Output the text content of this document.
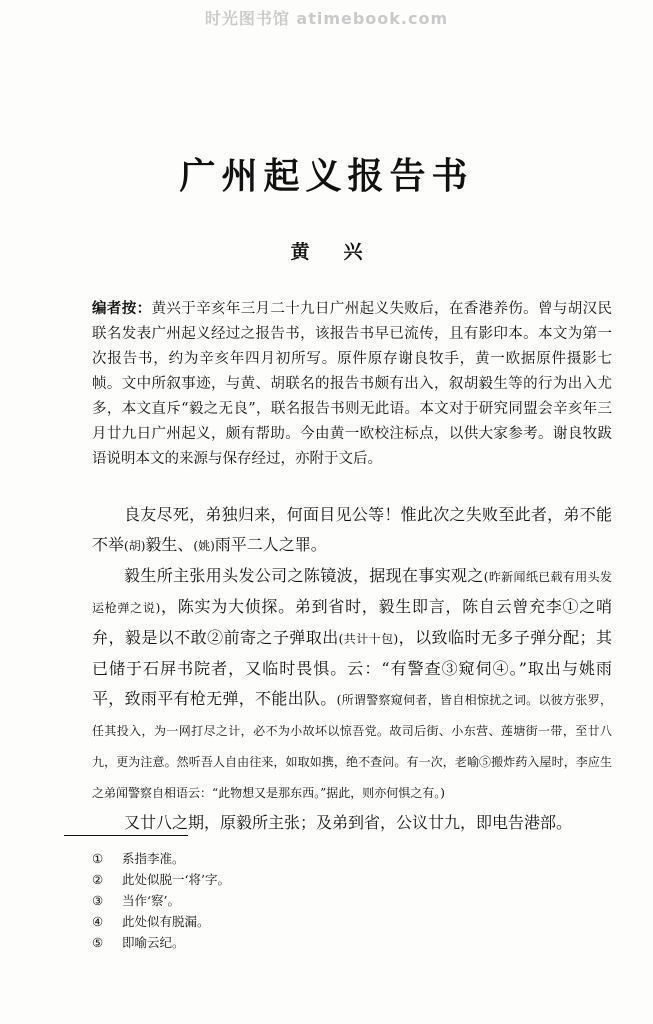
时光图书馆 atimebook.com
广州起义报告书
黄兴
编者按：黄兴于辛亥年三月二十九日广州起义失败后，在香港养伤。曾与胡汉民联名发表广州起义经过之报告书，该报告书早已流传，且有影印本。本文为第一次报告书，约为辛亥年四月初所写。原件原存谢良牧手，黄一欧据原件摄影七帧。文中所叙事迹，与黄、胡联名的报告书颇有出入，叙胡毅生等的行为出入尤多，本文直斥“毅之无良”，联名报告书则无此语。本文对于研究同盟会辛亥年三月廿九日广州起义，颇有帮助。今由黄一欧校注标点，以供大家参考。谢良牧跋语说明本文的来源与保存经过，亦附于文后。

良友尽死，弟独归来，何面目见公等！惟此次之失败至此者，弟不能不举(胡)毅生、(姚)雨平二人之罪。

毅生所主张用头发公司之陈镜波，据现在事实观之(昨新闻纸已载有用头发运枪弹之说)，陈实为大侦探。弟到省时，毅生即言，陈自云曾充李①之哨弁，毅是以不敢②前寄之子弹取出(共计十包)，以致临时无多子弹分配；其已储于石屏书院者，又临时畏惧。云：“有警查③窥伺④。”取出与姚雨平，致雨平有枪无弹，不能出队。(所谓警察窥伺者，皆自相惊扰之词。以彼方张罗，任其投入，为一网打尽之计，必不为小故坏以惊吾党。故司后街、小东营、莲塘街一带，至廿八九，更为注意。然听吾人自由往来，如取如携，绝不查问。有一次，老喻⑤搬炸药入屋时，李应生之弟闻警察自相语云：“此物想又是那东西。”据此，则亦何惧之有。)

又廿八之期，原毅所主张；及弟到省，公议廿九，即电告港部。

①	系指李准。
②	此处似脱一‘将’字。
③	当作‘察’。
④	此处似有脱漏。
⑤	即喻云纪。
